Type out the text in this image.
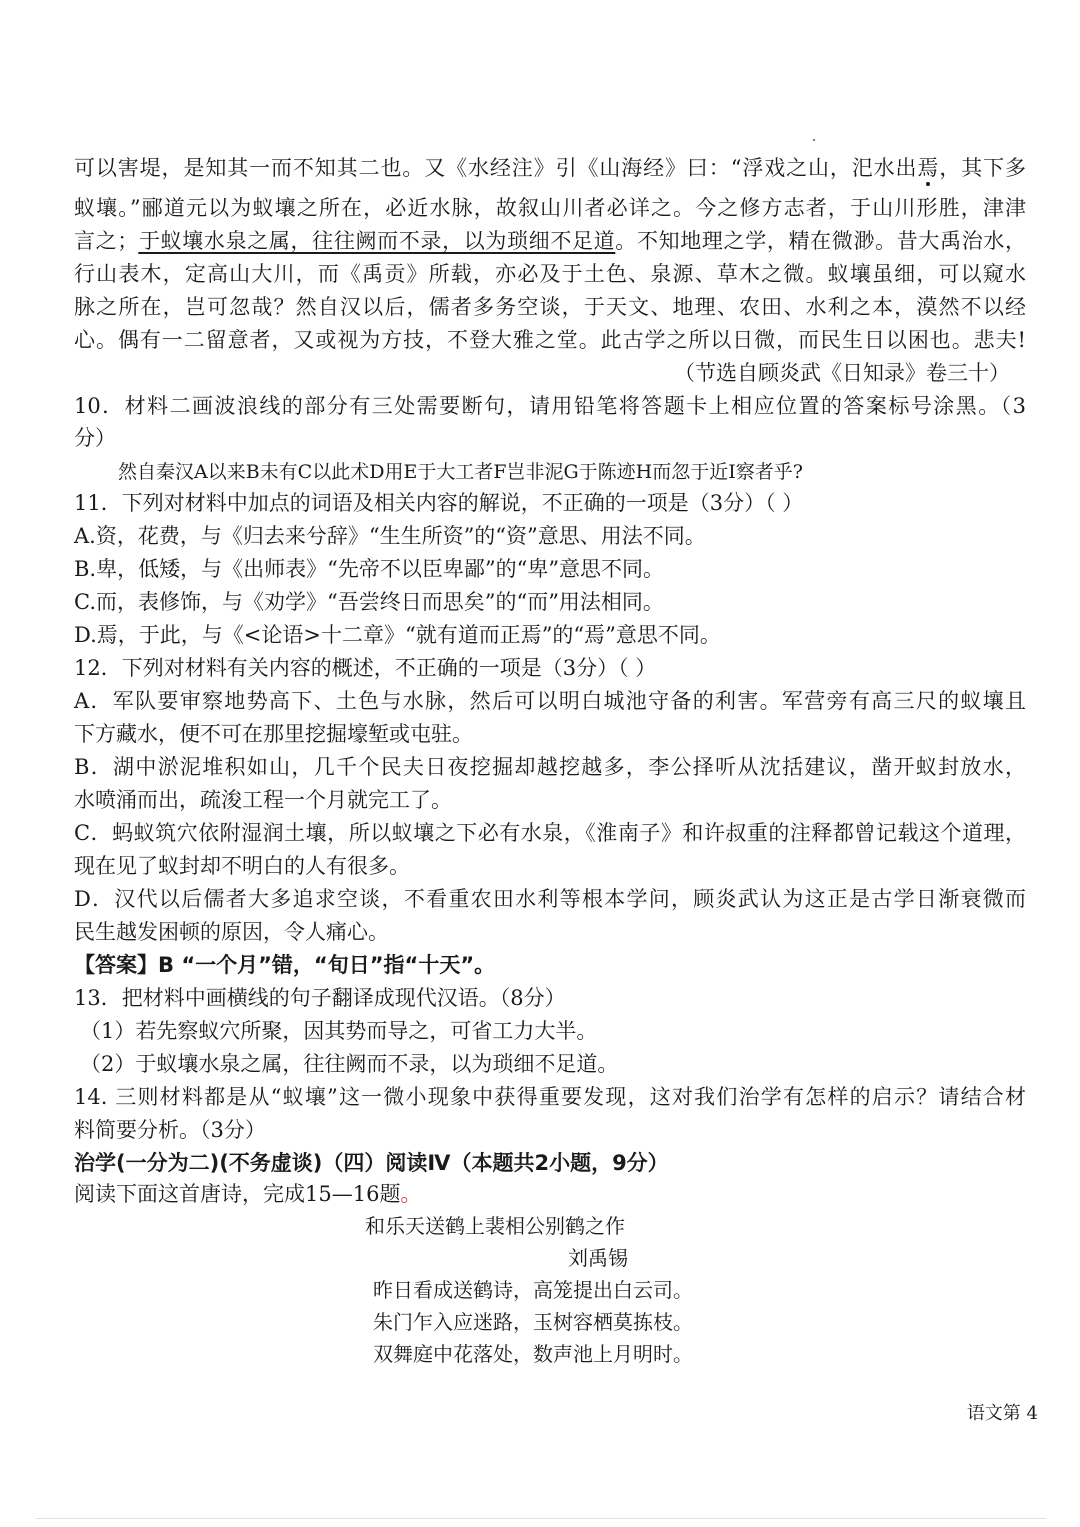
可以害堤，是知其一而不知其二也。又《水经注》引《山海经》曰：“浮戏之山，汜水出焉，其下多
蚁壤。”郦道元以为蚁壤之所在，必近水脉，故叙山川者必详之。今之修方志者，于山川形胜，津津
言之；于蚁壤水泉之属，往往阙而不录，以为琐细不足道。不知地理之学，精在微渺。昔大禹治水，
行山表木，定高山大川，而《禹贡》所载，亦必及于土色、泉源、草木之微。蚁壤虽细，可以窥水
脉之所在，岂可忽哉？然自汉以后，儒者多务空谈，于天文、地理、农田、水利之本，漠然不以经
心。偶有一二留意者，又或视为方技，不登大雅之堂。此古学之所以日微，而民生日以困也。悲夫!
（节选自顾炎武《日知录》卷三十）
10．材料二画波浪线的部分有三处需要断句，请用铅笔将答题卡上相应位置的答案标号涂黑。（3
分）
然自秦汉A以来B未有C以此术D用E于大工者F岂非泥G于陈迹H而忽于近I察者乎?
11．下列对材料中加点的词语及相关内容的解说，不正确的一项是（3分）（ ）
A.资，花费，与《归去来兮辞》“生生所资”的“资”意思、用法不同。
B.卑，低矮，与《出师表》“先帝不以臣卑鄙”的“卑”意思不同。
C.而，表修饰，与《劝学》“吾尝终日而思矣”的“而”用法相同。
D.焉，于此，与《<论语>十二章》“就有道而正焉”的“焉”意思不同。
12．下列对材料有关内容的概述，不正确的一项是（3分）（ ）
A．军队要审察地势高下、土色与水脉，然后可以明白城池守备的利害。军营旁有高三尺的蚁壤且
下方藏水，便不可在那里挖掘壕堑或屯驻。
B．湖中淤泥堆积如山，几千个民夫日夜挖掘却越挖越多，李公择听从沈括建议，凿开蚁封放水，
水喷涌而出，疏浚工程一个月就完工了。
C．蚂蚁筑穴依附湿润土壤，所以蚁壤之下必有水泉，《淮南子》和许叔重的注释都曾记载这个道理，
现在见了蚁封却不明白的人有很多。
D．汉代以后儒者大多追求空谈，不看重农田水利等根本学问，顾炎武认为这正是古学日渐衰微而
民生越发困顿的原因，令人痛心。
【答案】B “一个月”错，“旬日”指“十天”。
13．把材料中画横线的句子翻译成现代汉语。（8分）
（1）若先察蚁穴所聚，因其势而导之，可省工力大半。
（2）于蚁壤水泉之属，往往阙而不录，以为琐细不足道。
14. 三则材料都是从“蚁壤”这一微小现象中获得重要发现，这对我们治学有怎样的启示？请结合材
料简要分析。（3分）
治学(一分为二)(不务虚谈)（四）阅读Ⅳ（本题共2小题，9分）
阅读下面这首唐诗，完成15—16题。
和乐天送鹤上裴相公别鹤之作
刘禹锡
昨日看成送鹤诗，高笼提出白云司。
朱门乍入应迷路，玉树容栖莫拣枝。
双舞庭中花落处，数声池上月明时。
语文第 4
